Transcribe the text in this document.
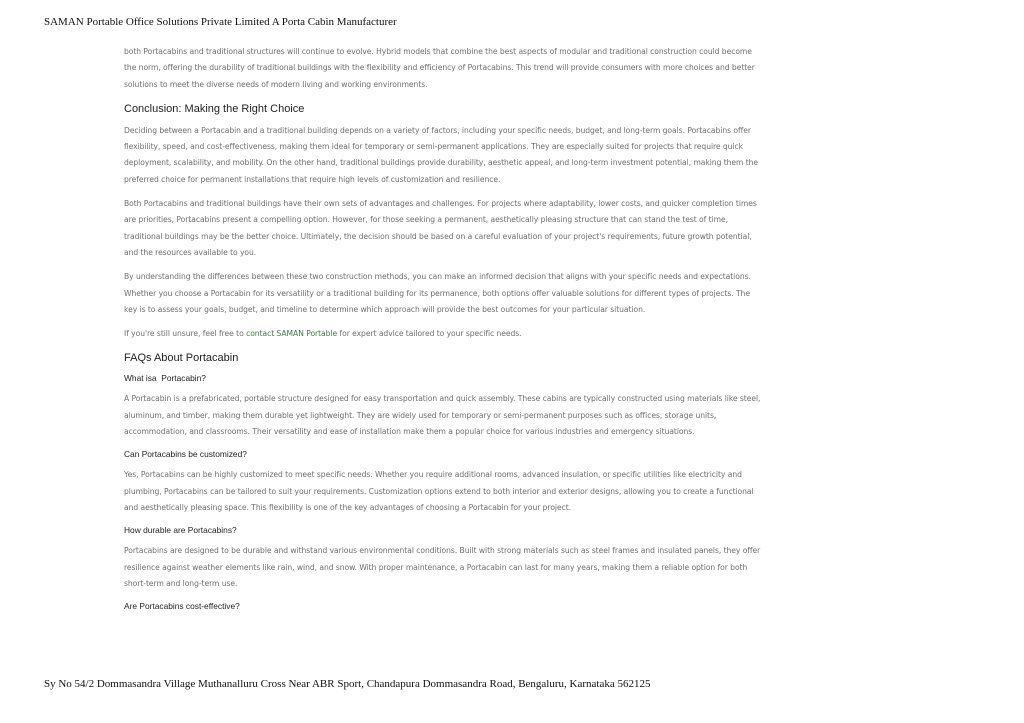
SAMAN Portable Office Solutions Private Limited A Porta Cabin Manufacturer

both Portacabins and traditional structures will continue to evolve. Hybrid models that combine the best aspects of modular and traditional construction could become the norm, offering the durability of traditional buildings with the flexibility and efficiency of Portacabins. This trend will provide consumers with more choices and better solutions to meet the diverse needs of modern living and working environments.

Conclusion: Making the Right Choice

Deciding between a Portacabin and a traditional building depends on a variety of factors, including your specific needs, budget, and long-term goals. Portacabins offer flexibility, speed, and cost-effectiveness, making them ideal for temporary or semi-permanent applications. They are especially suited for projects that require quick deployment, scalability, and mobility. On the other hand, traditional buildings provide durability, aesthetic appeal, and long-term investment potential, making them the preferred choice for permanent installations that require high levels of customization and resilience.

Both Portacabins and traditional buildings have their own sets of advantages and challenges. For projects where adaptability, lower costs, and quicker completion times are priorities, Portacabins present a compelling option. However, for those seeking a permanent, aesthetically pleasing structure that can stand the test of time, traditional buildings may be the better choice. Ultimately, the decision should be based on a careful evaluation of your project's requirements, future growth potential, and the resources available to you.

By understanding the differences between these two construction methods, you can make an informed decision that aligns with your specific needs and expectations. Whether you choose a Portacabin for its versatility or a traditional building for its permanence, both options offer valuable solutions for different types of projects. The key is to assess your goals, budget, and timeline to determine which approach will provide the best outcomes for your particular situation.

If you're still unsure, feel free to contact SAMAN Portable for expert advice tailored to your specific needs.

FAQs About Portacabin
What isa  Portacabin?

A Portacabin is a prefabricated, portable structure designed for easy transportation and quick assembly. These cabins are typically constructed using materials like steel, aluminum, and timber, making them durable yet lightweight. They are widely used for temporary or semi-permanent purposes such as offices, storage units, accommodation, and classrooms. Their versatility and ease of installation make them a popular choice for various industries and emergency situations.

Can Portacabins be customized?

Yes, Portacabins can be highly customized to meet specific needs. Whether you require additional rooms, advanced insulation, or specific utilities like electricity and plumbing, Portacabins can be tailored to suit your requirements. Customization options extend to both interior and exterior designs, allowing you to create a functional and aesthetically pleasing space. This flexibility is one of the key advantages of choosing a Portacabin for your project.

How durable are Portacabins?

Portacabins are designed to be durable and withstand various environmental conditions. Built with strong materials such as steel frames and insulated panels, they offer resilience against weather elements like rain, wind, and snow. With proper maintenance, a Portacabin can last for many years, making them a reliable option for both short-term and long-term use.

Are Portacabins cost-effective?
Sy No 54/2 Dommasandra Village Muthanalluru Cross Near ABR Sport, Chandapura Dommasandra Road, Bengaluru, Karnataka 562125
